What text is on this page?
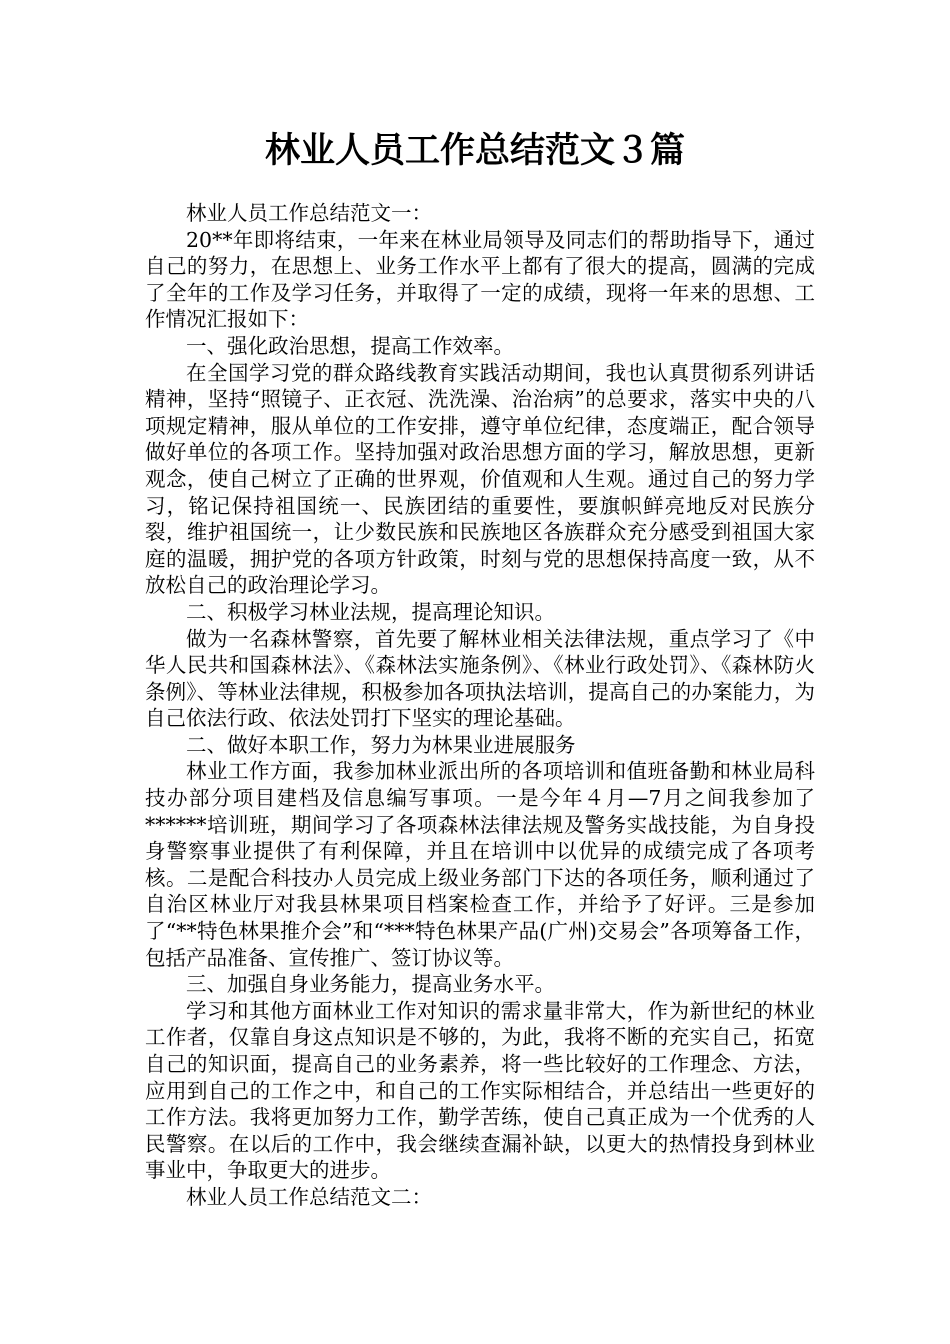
林业人员工作总结范文３篇

林业人员工作总结范文一：

20**年即将结束，一年来在林业局领导及同志们的帮助指导下，通过自己的努力，在思想上、业务工作水平上都有了很大的提高，圆满的完成了全年的工作及学习任务，并取得了一定的成绩，现将一年来的思想、工作情况汇报如下：

一、强化政治思想，提高工作效率。

在全国学习党的群众路线教育实践活动期间，我也认真贯彻系列讲话精神，坚持“照镜子、正衣冠、洗洗澡、治治病”的总要求，落实中央的八项规定精神，服从单位的工作安排，遵守单位纪律，态度端正，配合领导做好单位的各项工作。坚持加强对政治思想方面的学习，解放思想，更新观念，使自己树立了正确的世界观，价值观和人生观。通过自己的努力学习，铭记保持祖国统一、民族团结的重要性，要旗帜鲜亮地反对民族分裂，维护祖国统一，让少数民族和民族地区各族群众充分感受到祖国大家庭的温暖，拥护党的各项方针政策，时刻与党的思想保持高度一致，从不放松自己的政治理论学习。

二、积极学习林业法规，提高理论知识。

做为一名森林警察，首先要了解林业相关法律法规，重点学习了《中华人民共和国森林法》、《森林法实施条例》、《林业行政处罚》、《森林防火条例》、等林业法律规，积极参加各项执法培训，提高自己的办案能力，为自己依法行政、依法处罚打下坚实的理论基础。

二、做好本职工作，努力为林果业进展服务

林业工作方面，我参加林业派出所的各项培训和值班备勤和林业局科技办部分项目建档及信息编写事项。一是今年４月—7月之间我参加了******培训班，期间学习了各项森林法律法规及警务实战技能，为自身投身警察事业提供了有利保障，并且在培训中以优异的成绩完成了各项考核。二是配合科技办人员完成上级业务部门下达的各项任务，顺利通过了自治区林业厅对我县林果项目档案检查工作，并给予了好评。三是参加了“**特色林果推介会”和“***特色林果产品(广州)交易会”各项筹备工作，包括产品准备、宣传推广、签订协议等。

三、加强自身业务能力，提高业务水平。

学习和其他方面林业工作对知识的需求量非常大，作为新世纪的林业工作者，仅靠自身这点知识是不够的，为此，我将不断的充实自己，拓宽自己的知识面，提高自己的业务素养，将一些比较好的工作理念、方法，应用到自己的工作之中，和自己的工作实际相结合，并总结出一些更好的工作方法。我将更加努力工作，勤学苦练，使自己真正成为一个优秀的人民警察。在以后的工作中，我会继续查漏补缺，以更大的热情投身到林业事业中，争取更大的进步。

林业人员工作总结范文二：
